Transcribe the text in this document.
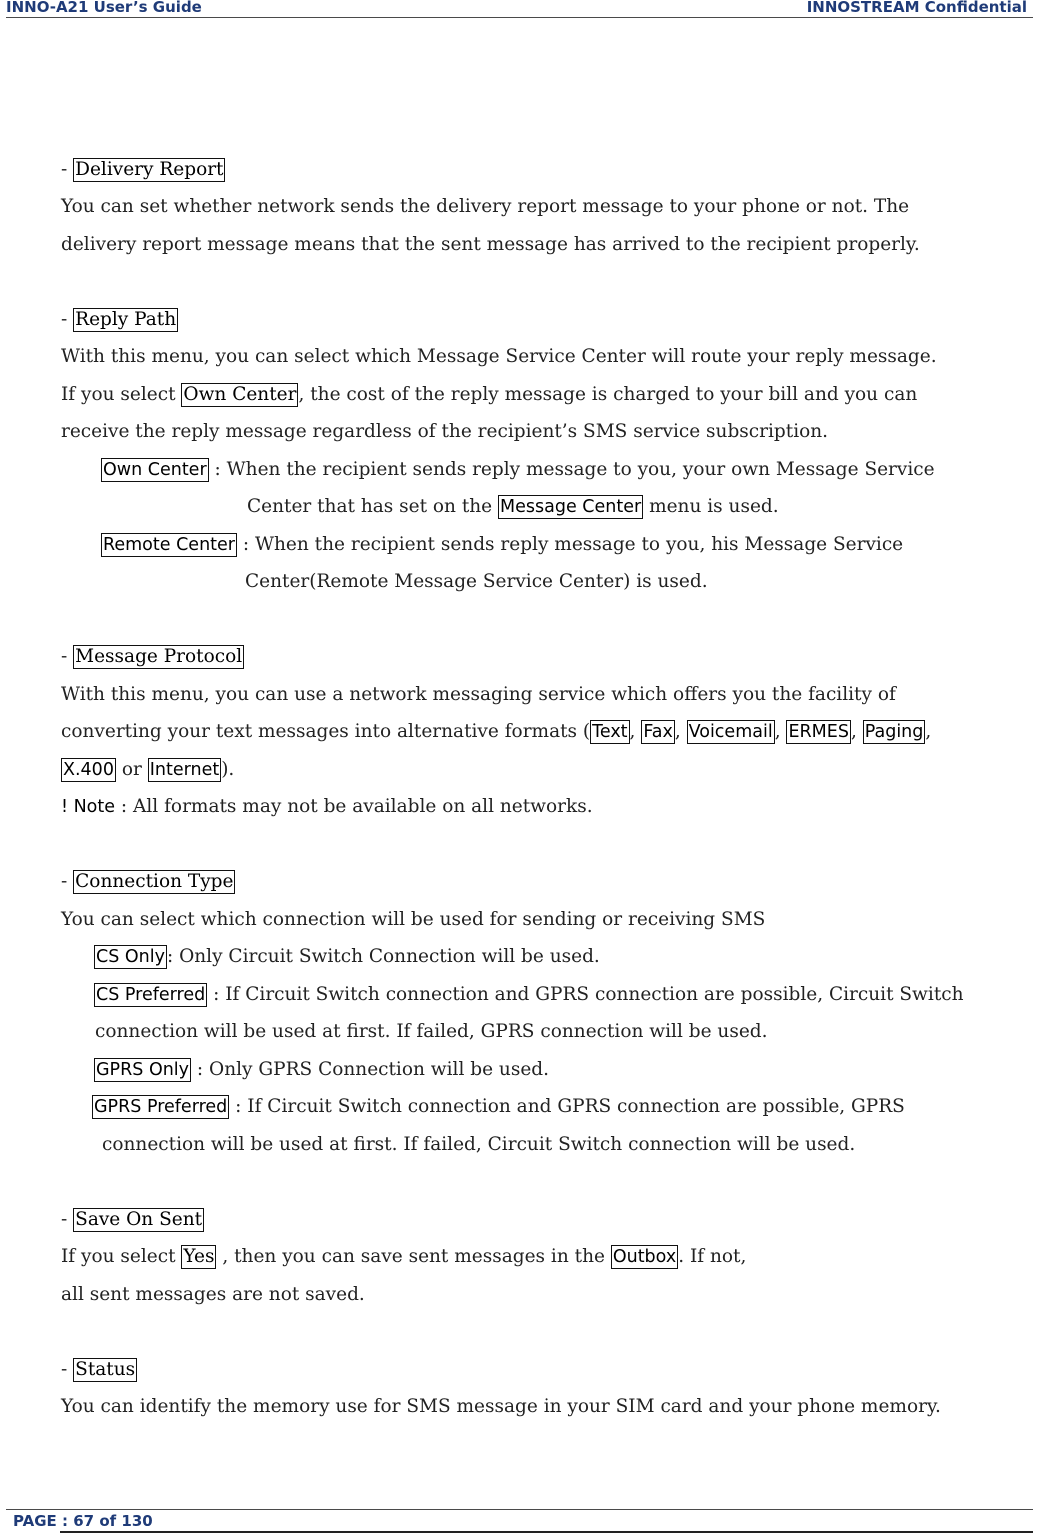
INNO-A21 User’s Guide	INNOSTREAM Confidential
- Delivery Report
You can set whether network sends the delivery report message to your phone or not. The
delivery report message means that the sent message has arrived to the recipient properly.
- Reply Path
With this menu, you can select which Message Service Center will route your reply message.
If you select Own Center , the cost of the reply message is charged to your bill and you can
receive the reply message regardless of the recipient’s SMS service subscription.
Own Center : When the recipient sends reply message to you, your own Message Service
Center that has set on the Message Center menu is used.
Remote Center : When the recipient sends reply message to you, his Message Service
Center(Remote Message Service Center) is used.
- Message Protocol
With this menu, you can use a network messaging service which offers you the facility of
converting your text messages into alternative formats ( Text , Fax , Voicemail , ERMES , Paging ,
X.400 or Internet ).
! Note : All formats may not be available on all networks.
- Connection Type
You can select which connection will be used for sending or receiving SMS
CS Only: Only Circuit Switch Connection will be used.
CS Preferred : If Circuit Switch connection and GPRS connection are possible, Circuit Switch
connection will be used at first. If failed, GPRS connection will be used.
GPRS Only : Only GPRS Connection will be used.
GPRS Preferred : If Circuit Switch connection and GPRS connection are possible, GPRS
connection will be used at first. If failed, Circuit Switch connection will be used.
- Save On Sent
If you select Yes , then you can save sent messages in the Outbox . If not,
all sent messages are not saved.
- Status
You can identify the memory use for SMS message in your SIM card and your phone memory.
PAGE : 67 of 130
